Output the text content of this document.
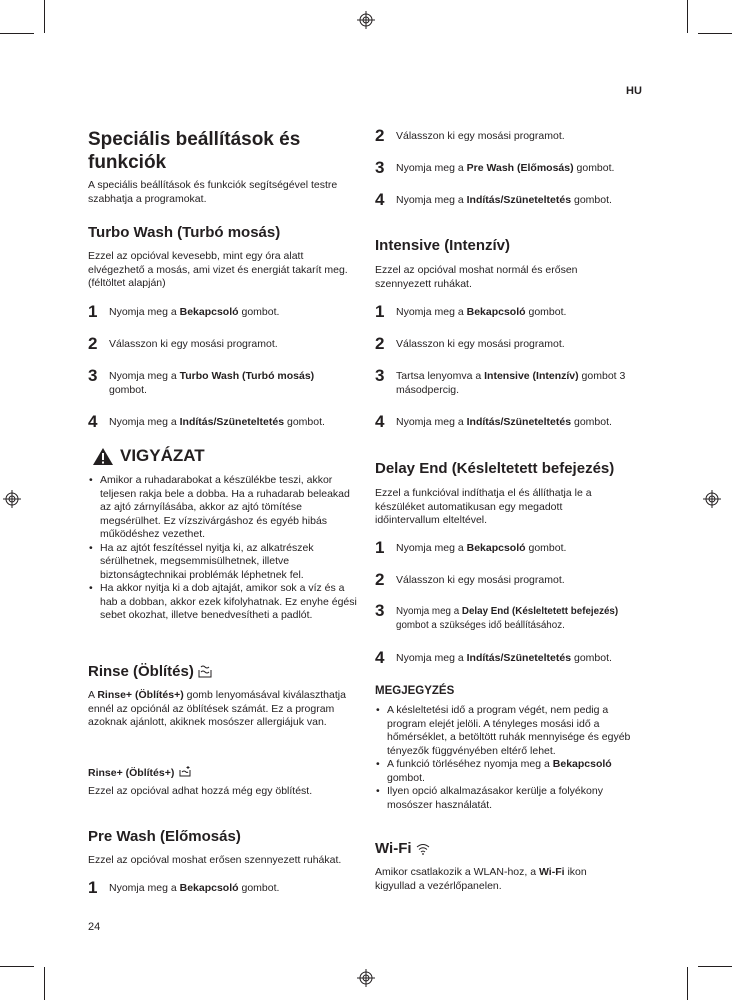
HU
24
Speciális beállítások és funkciók

A speciális beállítások és funkciók segítségével testre szabhatja a programokat.

Turbo Wash (Turbó mosás)

Ezzel az opcióval kevesebb, mint egy óra alatt elvégezhető a mosás, ami vizet és energiát takarít meg. (féltöltet alapján)

1 Nyomja meg a Bekapcsoló gombot.
2 Válasszon ki egy mosási programot.
3 Nyomja meg a Turbo Wash (Turbó mosás) gombot.
4 Nyomja meg a Indítás/Szüneteltetés gombot.
VIGYÁZAT
• Amikor a ruhadarabokat a készülékbe teszi, akkor teljesen rakja bele a dobba. Ha a ruhadarab beleakad az ajtó zárnyílásába, akkor az ajtó tömítése megsérülhet. Ez vízszivárgáshoz és egyéb hibás működéshez vezethet.
• Ha az ajtót feszítéssel nyitja ki, az alkatrészek sérülhetnek, megsemmisülhetnek, illetve biztonságtechnikai problémák léphetnek fel.
• Ha akkor nyitja ki a dob ajtaját, amikor sok a víz és a hab a dobban, akkor ezek kifolyhatnak. Ez enyhe égési sebet okozhat, illetve benedvesítheti a padlót.
Rinse (Öblítés)

A Rinse+ (Öblítés+) gomb lenyomásával kiválaszthatja ennél az opciónál az öblítések számát. Ez a program azoknak ajánlott, akiknek mosószer allergiájuk van.

Rinse+ (Öblítés+)

Ezzel az opcióval adhat hozzá még egy öblítést.

Pre Wash (Előmosás)

Ezzel az opcióval moshat erősen szennyezett ruhákat.

1 Nyomja meg a Bekapcsoló gombot.
2 Válasszon ki egy mosási programot.
3 Nyomja meg a Pre Wash (Előmosás) gombot.
4 Nyomja meg a Indítás/Szüneteltetés gombot.
Intensive (Intenzív)

Ezzel az opcióval moshat normál és erősen szennyezett ruhákat.

1 Nyomja meg a Bekapcsoló gombot.
2 Válasszon ki egy mosási programot.
3 Tartsa lenyomva a Intensive (Intenzív) gombot 3 másodpercig.
4 Nyomja meg a Indítás/Szüneteltetés gombot.
Delay End (Késleltetett befejezés)

Ezzel a funkcióval indíthatja el és állíthatja le a készüléket automatikusan egy megadott időintervallum elteltével.

1 Nyomja meg a Bekapcsoló gombot.
2 Válasszon ki egy mosási programot.
3 Nyomja meg a Delay End (Késleltetett befejezés) gombot a szükséges idő beállításához.
4 Nyomja meg a Indítás/Szüneteltetés gombot.
MEGJEGYZÉS
• A késleltetési idő a program végét, nem pedig a program elejét jelöli. A tényleges mosási idő a hőmérséklet, a betöltött ruhák mennyisége és egyéb tényezők függvényében eltérő lehet.
• A funkció törléséhez nyomja meg a Bekapcsoló gombot.
• Ilyen opció alkalmazásakor kerülje a folyékony mosószer használatát.
Wi-Fi

Amikor csatlakozik a WLAN-hoz, a Wi-Fi ikon kigyullad a vezérlőpanelen.
